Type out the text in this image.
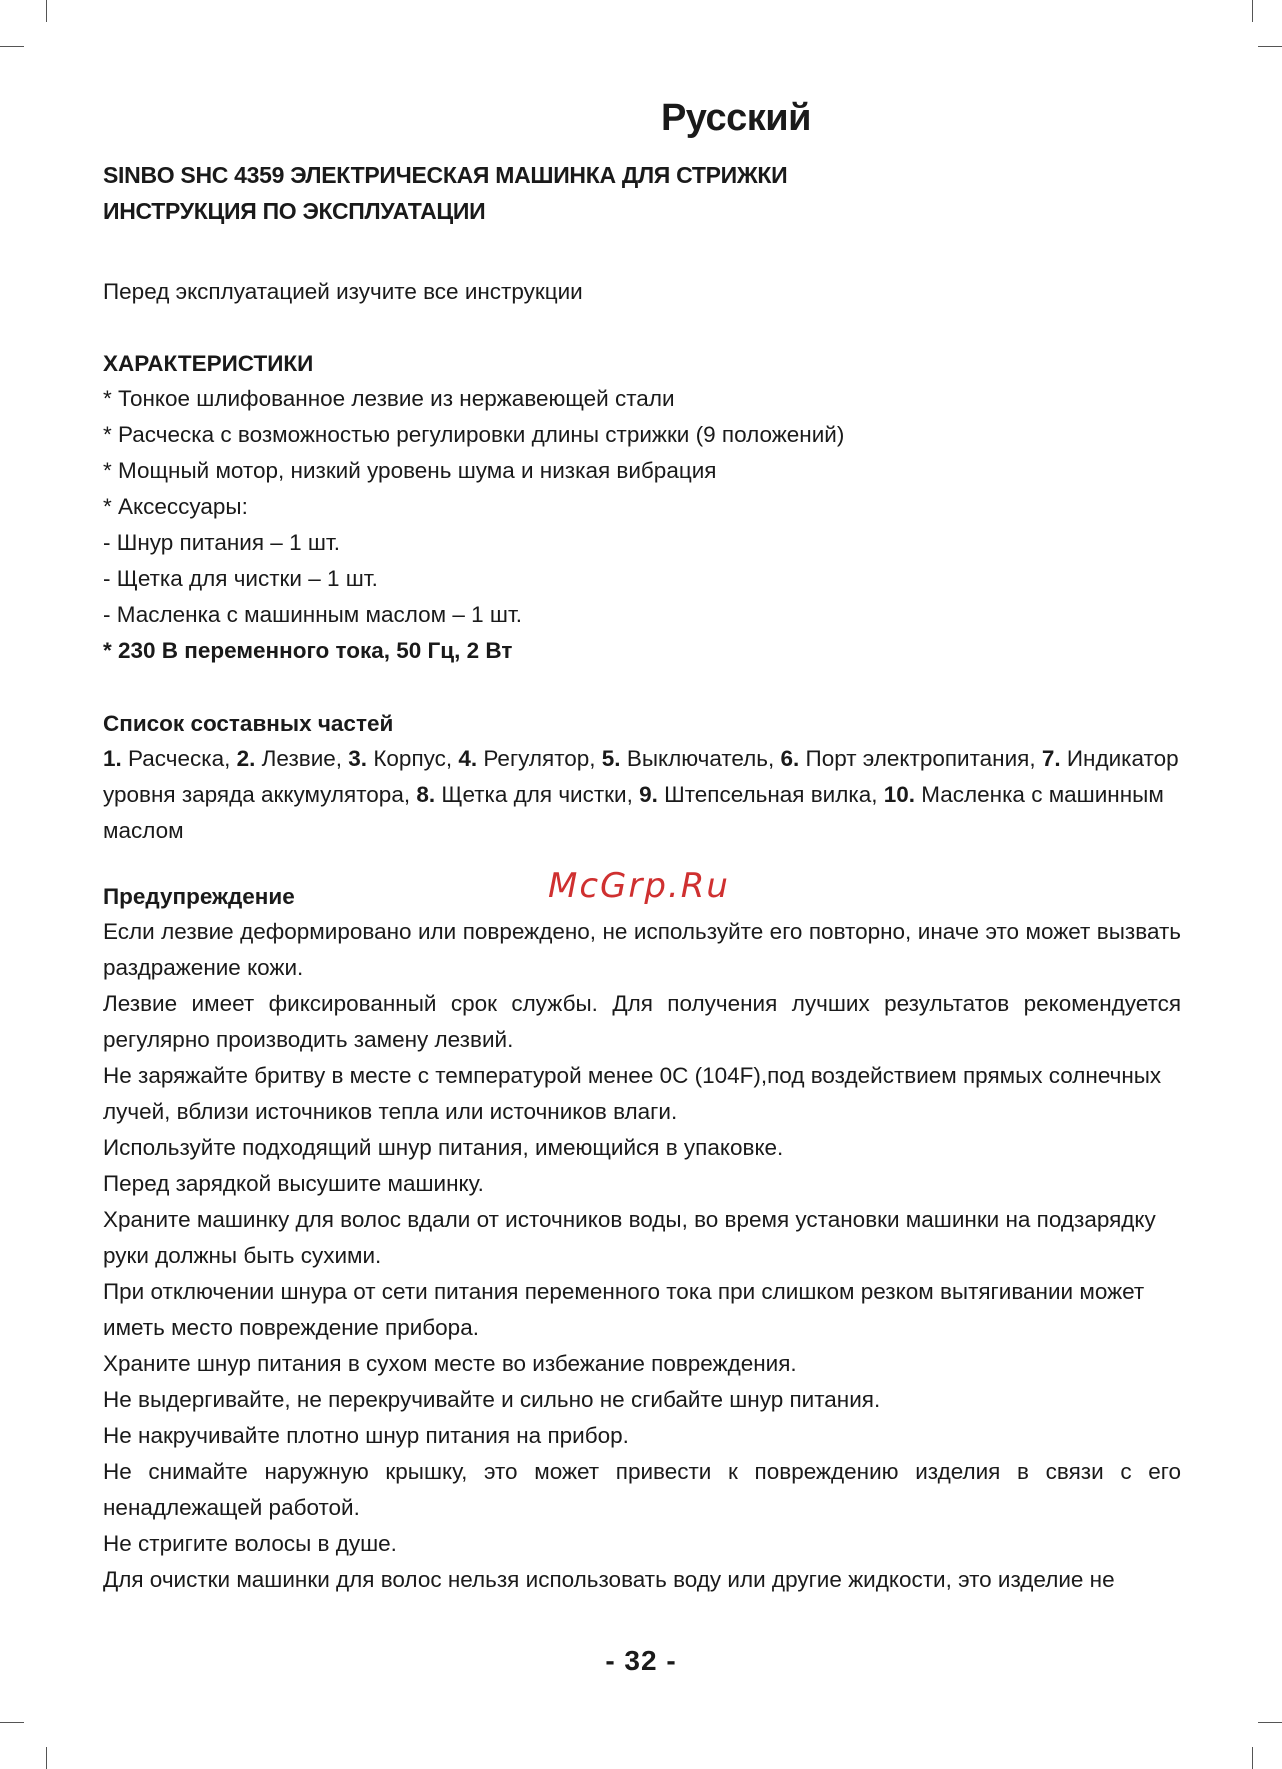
Русский

SINBO SHC 4359 ЭЛЕКТРИЧЕСКАЯ МАШИНКА ДЛЯ СТРИЖКИ

ИНСТРУКЦИЯ ПО ЭКСПЛУАТАЦИИ

Перед эксплуатацией изучите все инструкции

ХАРАКТЕРИСТИКИ

* Тонкое шлифованное лезвие из нержавеющей стали

* Расческа с возможностью регулировки длины стрижки (9 положений)

* Мощный мотор, низкий уровень шума и низкая вибрация

* Аксессуары:

- Шнур питания – 1 шт.

- Щетка для чистки – 1 шт.

- Масленка с машинным маслом – 1 шт.

* 230 В переменного тока, 50 Гц, 2 Вт

Список составных частей

1. Расческа, 2. Лезвие, 3. Корпус, 4. Регулятор, 5. Выключатель, 6. Порт электропитания, 7. Индикатор уровня заряда аккумулятора, 8. Щетка для чистки, 9. Штепсельная вилка, 10. Масленка с машинным маслом

Предупреждение

Если лезвие деформировано или повреждено, не используйте его повторно, иначе это может вызвать раздражение кожи.

Лезвие имеет фиксированный срок службы. Для получения лучших результатов рекомендуется регулярно производить замену лезвий.

Не заряжайте бритву в месте с температурой менее 0C (104F),под воздействием прямых солнечных лучей, вблизи источников тепла или источников влаги.

Используйте подходящий шнур питания, имеющийся в упаковке.

Перед зарядкой высушите машинку.

Храните машинку для волос вдали от источников воды, во время установки машинки на подзарядку руки должны быть сухими.

При отключении шнура от сети питания переменного тока при слишком резком вытягивании может иметь место повреждение прибора.

Храните шнур питания в сухом месте во избежание повреждения.

Не выдергивайте, не перекручивайте и сильно не сгибайте шнур питания.

Не накручивайте плотно шнур питания на прибор.

Не снимайте наружную крышку, это может привести к повреждению изделия в связи с его ненадлежащей работой.

Не стригите волосы в душе.

Для очистки машинки для волос нельзя использовать воду или другие жидкости, это изделие не

McGrp.Ru
- 32 -
